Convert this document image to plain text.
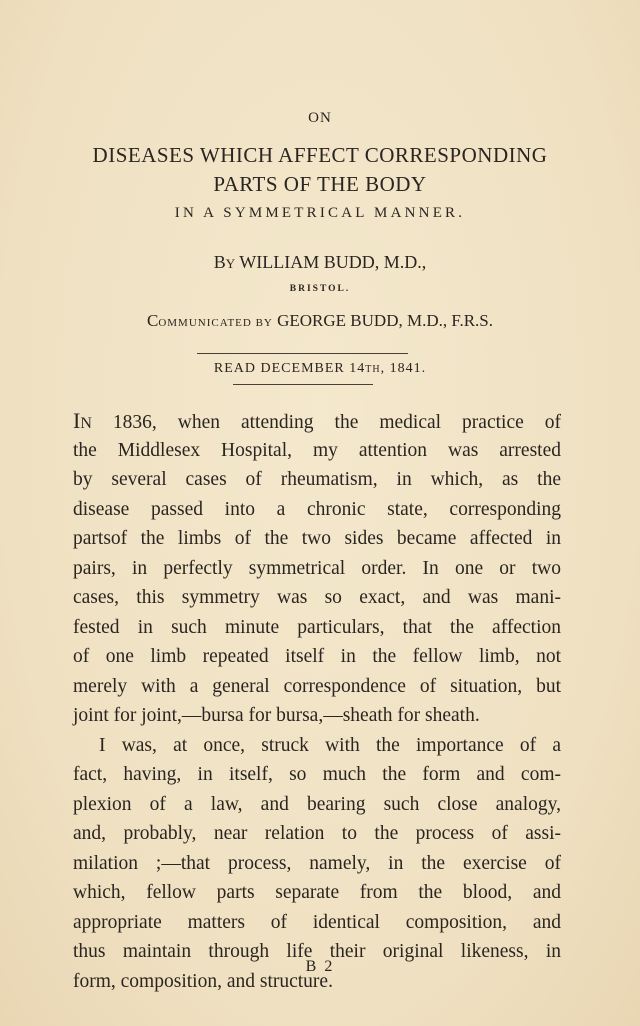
ON
DISEASES WHICH AFFECT CORRESPONDING
PARTS OF THE BODY
IN A SYMMETRICAL MANNER.
BY WILLIAM BUDD, M.D.,
BRISTOL.
COMMUNICATED BY GEORGE BUDD, M.D., F.R.S.
READ DECEMBER 14TH, 1841.
IN 1836, when attending the medical practice of
the Middlesex Hospital, my attention was arrested
by several cases of rheumatism, in which, as the
disease passed into a chronic state, corresponding
partsof the limbs of the two sides became affected in
pairs, in perfectly symmetrical order. In one or two
cases, this symmetry was so exact, and was mani-
fested in such minute particulars, that the affection
of one limb repeated itself in the fellow limb, not
merely with a general correspondence of situation, but
joint for joint,—bursa for bursa,—sheath for sheath.
I was, at once, struck with the importance of a
fact, having, in itself, so much the form and com-
plexion of a law, and bearing such close analogy,
and, probably, near relation to the process of assi-
milation ;—that process, namely, in the exercise of
which, fellow parts separate from the blood, and
appropriate matters of identical composition, and
thus maintain through life their original likeness, in
form, composition, and structure.
B 2
